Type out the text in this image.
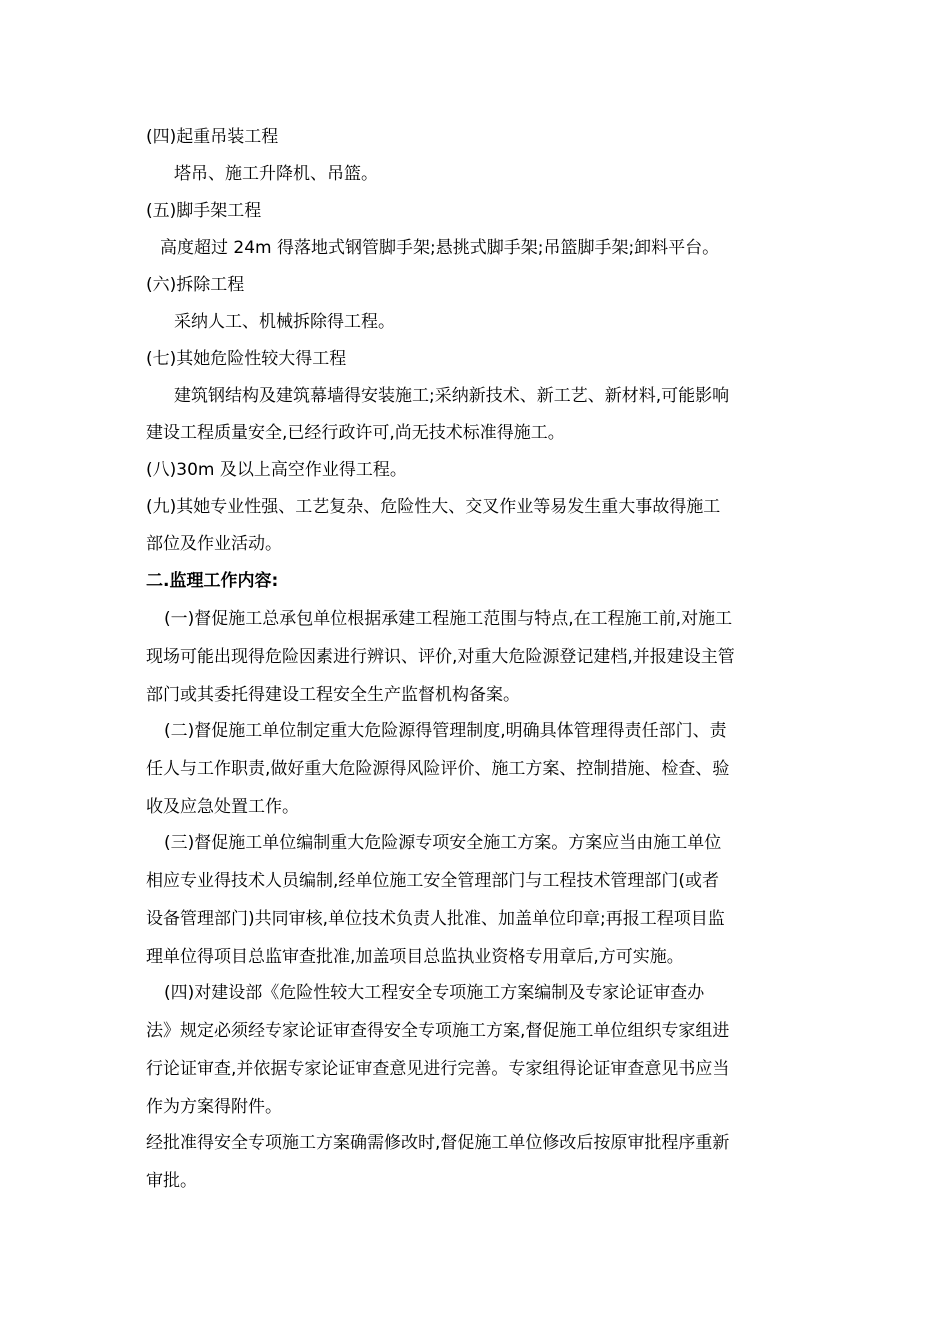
(四)起重吊装工程
塔吊、施工升降机、吊篮。
(五)脚手架工程
高度超过 24m 得落地式钢管脚手架;悬挑式脚手架;吊篮脚手架;卸料平台。
(六)拆除工程
采纳人工、机械拆除得工程。
(七)其她危险性较大得工程
建筑钢结构及建筑幕墙得安装施工;采纳新技术、新工艺、新材料,可能影响
建设工程质量安全,已经行政许可,尚无技术标准得施工。
(八)30m 及以上高空作业得工程。
(九)其她专业性强、工艺复杂、危险性大、交叉作业等易发生重大事故得施工
部位及作业活动。
二.监理工作内容:
(一)督促施工总承包单位根据承建工程施工范围与特点,在工程施工前,对施工
现场可能出现得危险因素进行辨识、评价,对重大危险源登记建档,并报建设主管
部门或其委托得建设工程安全生产监督机构备案。
(二)督促施工单位制定重大危险源得管理制度,明确具体管理得责任部门、责
任人与工作职责,做好重大危险源得风险评价、施工方案、控制措施、检查、验
收及应急处置工作。
(三)督促施工单位编制重大危险源专项安全施工方案。方案应当由施工单位
相应专业得技术人员编制,经单位施工安全管理部门与工程技术管理部门(或者
设备管理部门)共同审核,单位技术负责人批准、加盖单位印章;再报工程项目监
理单位得项目总监审查批准,加盖项目总监执业资格专用章后,方可实施。
(四)对建设部《危险性较大工程安全专项施工方案编制及专家论证审查办
法》规定必须经专家论证审查得安全专项施工方案,督促施工单位组织专家组进
行论证审查,并依据专家论证审查意见进行完善。专家组得论证审查意见书应当
作为方案得附件。
经批准得安全专项施工方案确需修改时,督促施工单位修改后按原审批程序重新
审批。
